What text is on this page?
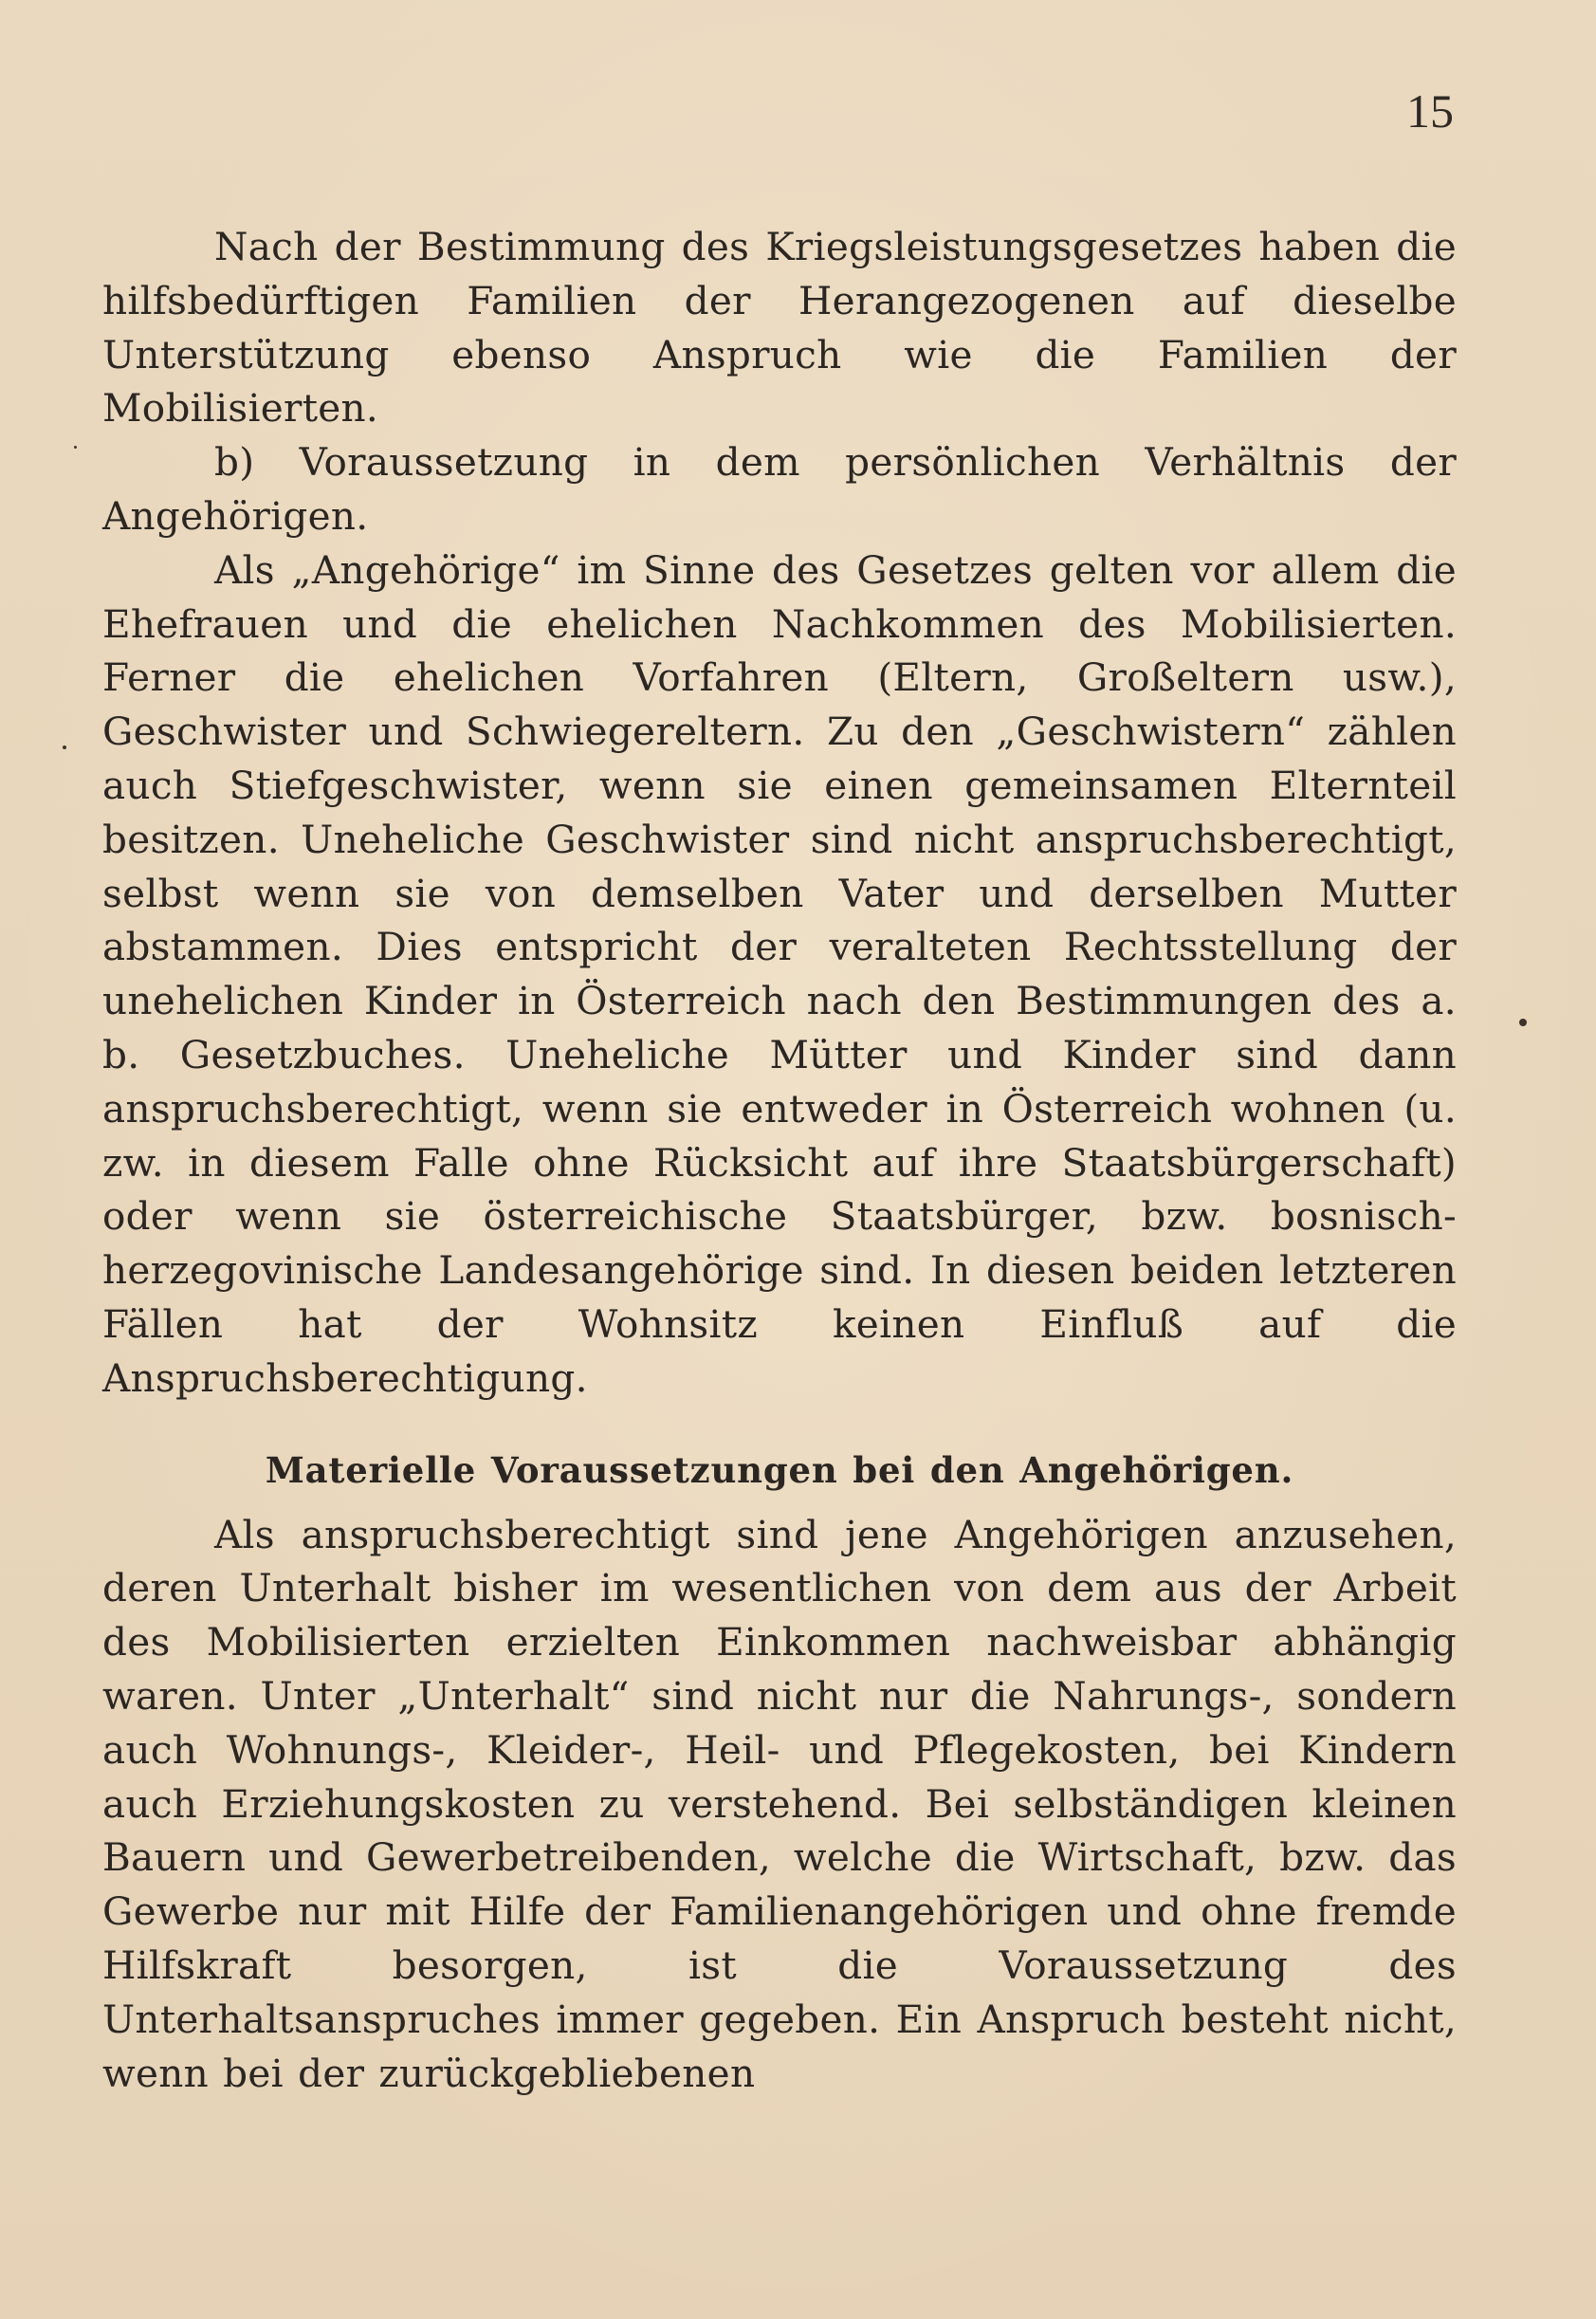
15

Nach der Bestimmung des Kriegsleistungsgesetzes haben die hilfsbedürftigen Familien der Herangezogenen auf dieselbe Unterstützung ebenso Anspruch wie die Familien der Mobilisierten.

b) Voraussetzung in dem persönlichen Verhältnis der Angehörigen.

Als „Angehörige“ im Sinne des Gesetzes gelten vor allem die Ehefrauen und die ehelichen Nachkommen des Mobilisierten. Ferner die ehelichen Vorfahren (Eltern, Großeltern usw.), Geschwister und Schwiegereltern. Zu den „Geschwistern“ zählen auch Stiefgeschwister, wenn sie einen gemeinsamen Elternteil besitzen. Uneheliche Geschwister sind nicht anspruchsberechtigt, selbst wenn sie von demselben Vater und derselben Mutter abstammen. Dies entspricht der veralteten Rechtsstellung der unehelichen Kinder in Österreich nach den Bestimmungen des a. b. Gesetzbuches. Uneheliche Mütter und Kinder sind dann anspruchsberechtigt, wenn sie entweder in Österreich wohnen (u. zw. in diesem Falle ohne Rücksicht auf ihre Staatsbürgerschaft) oder wenn sie österreichische Staatsbürger, bzw. bosnisch-herzegovinische Landesangehörige sind. In diesen beiden letzteren Fällen hat der Wohnsitz keinen Einfluß auf die Anspruchsberechtigung.

Materielle Voraussetzungen bei den Angehörigen.

Als anspruchsberechtigt sind jene Angehörigen anzusehen, deren Unterhalt bisher im wesentlichen von dem aus der Arbeit des Mobilisierten erzielten Einkommen nachweisbar abhängig waren. Unter „Unterhalt“ sind nicht nur die Nahrungs-, sondern auch Wohnungs-, Kleider-, Heil- und Pflegekosten, bei Kindern auch Erziehungskosten zu verstehend. Bei selbständigen kleinen Bauern und Gewerbetreibenden, welche die Wirtschaft, bzw. das Gewerbe nur mit Hilfe der Familienangehörigen und ohne fremde Hilfskraft besorgen, ist die Voraussetzung des Unterhaltsanspruches immer gegeben. Ein Anspruch besteht nicht, wenn bei der zurückgebliebenen
